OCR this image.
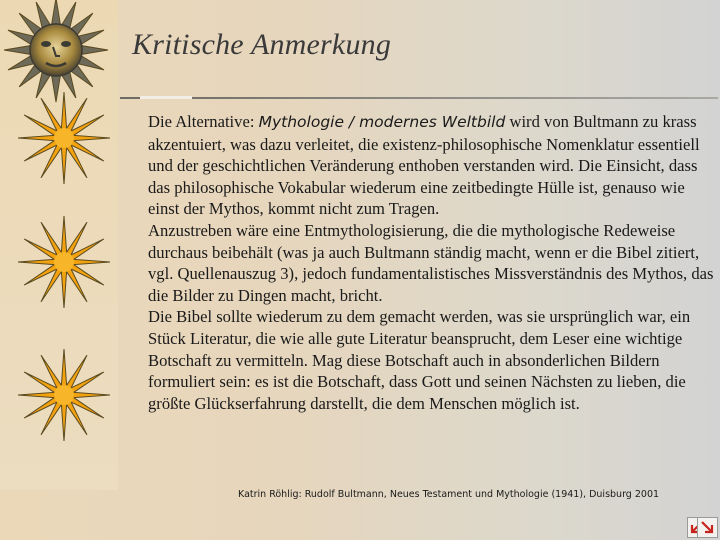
Kritische Anmerkung

Die Alternative: Mythologie / modernes Weltbild wird von Bultmann zu krass akzentuiert, was dazu verleitet, die existenz-philosophische Nomenklatur essentiell und der geschichtlichen Veränderung enthoben verstanden wird. Die Einsicht, dass das philosophische Vokabular wiederum eine zeitbedingte Hülle ist, genauso wie einst der Mythos, kommt nicht zum Tragen.

Anzustreben wäre eine Entmythologisierung, die die mythologische Redeweise durchaus beibehält (was ja auch Bultmann ständig macht, wenn er die Bibel zitiert, vgl. Quellenauszug 3), jedoch fundamentalistisches Missverständnis des Mythos, das die Bilder zu Dingen macht, bricht.

Die Bibel sollte wiederum zu dem gemacht werden, was sie ursprünglich war, ein Stück Literatur, die wie alle gute Literatur beansprucht, dem Leser eine wichtige Botschaft zu vermitteln. Mag diese Botschaft auch in absonderlichen Bildern formuliert sein: es ist die Botschaft, dass Gott und seinen Nächsten zu lieben, die größte Glückserfahrung darstellt, die dem Menschen möglich ist.

Katrin Röhlig: Rudolf Bultmann, Neues Testament und Mythologie (1941), Duisburg 2001
